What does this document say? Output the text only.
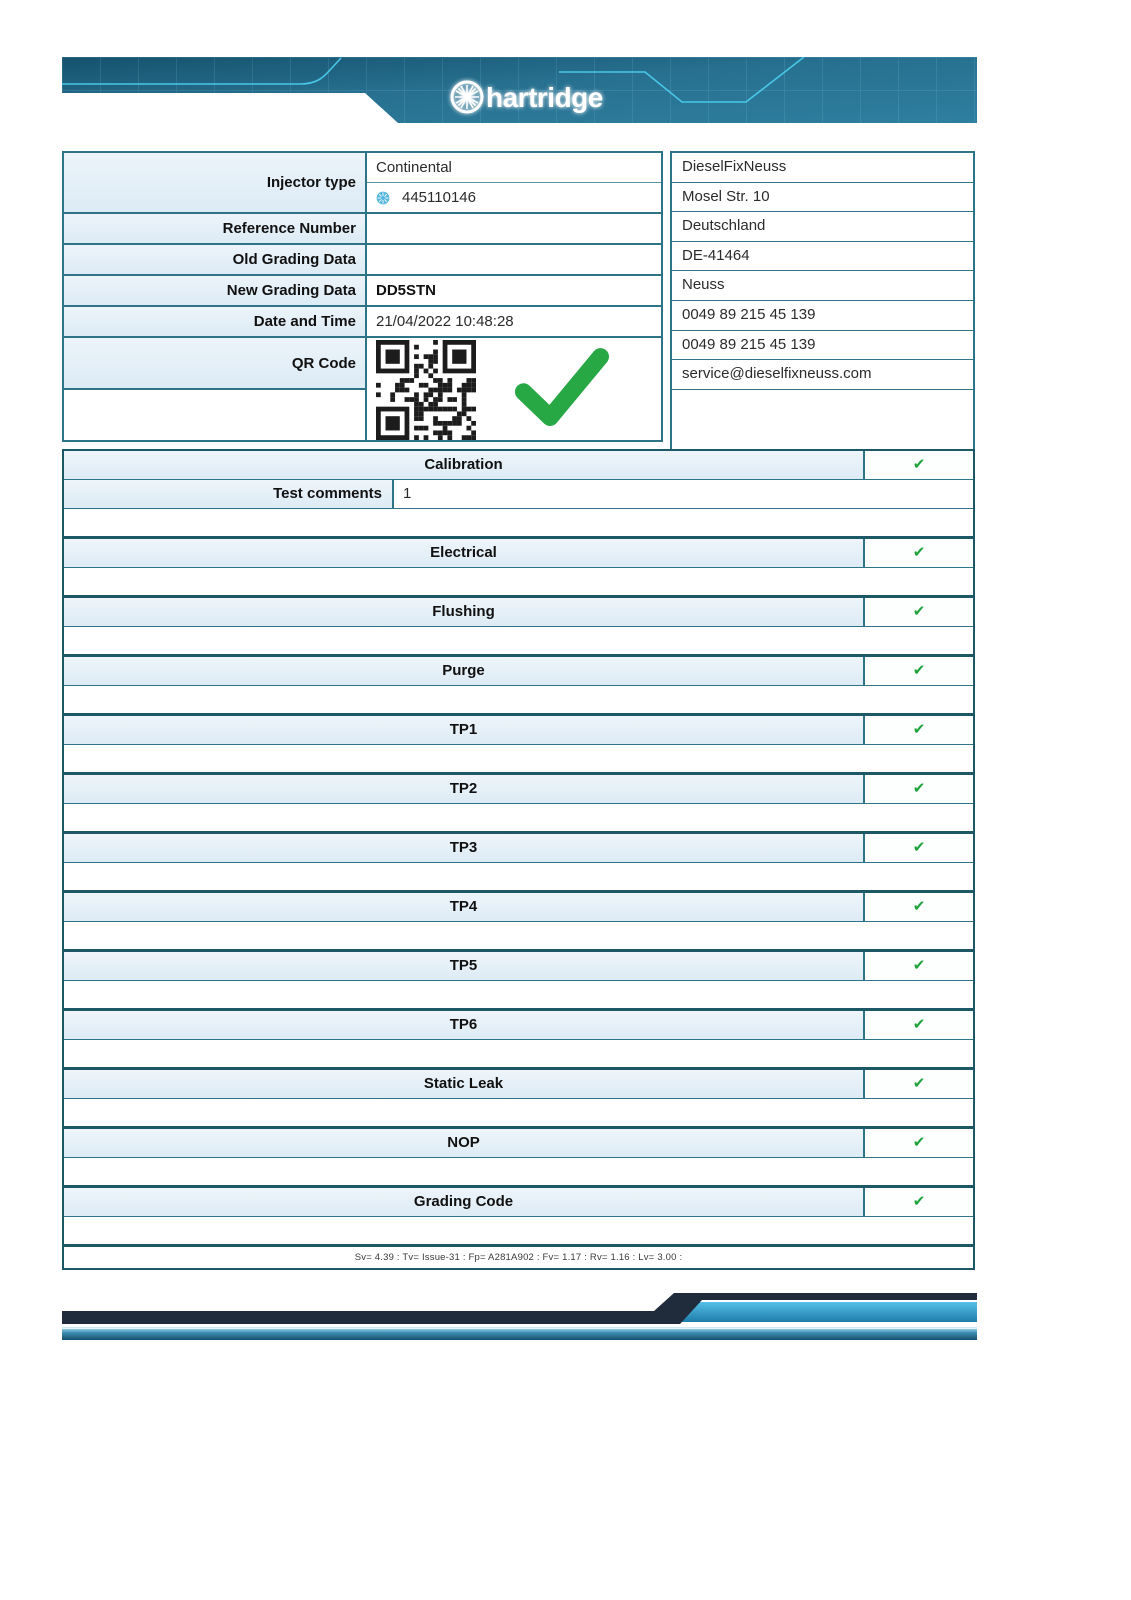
hartridge
Injector type	Continental

	445110146

Reference Number	
Old Grading Data	
New Grading Data	DD5STN
Date and Time	21/04/2022 10:48:28
QR Code	

DieselFixNeuss
Mosel Str. 10
Deutschland
DE-41464
Neuss
0049 89 215 45 139
0049 89 215 45 139
service@dieselfixneuss.com
Calibration	✔
Test comments	1
Electrical	✔
Flushing	✔
Purge	✔
TP1	✔
TP2	✔
TP3	✔
TP4	✔
TP5	✔
TP6	✔
Static Leak	✔
NOP	✔
Grading Code	✔
Sv= 4.39 : Tv= Issue-31 : Fp= A281A902 : Fv= 1.17 : Rv= 1.16 : Lv= 3.00 :
